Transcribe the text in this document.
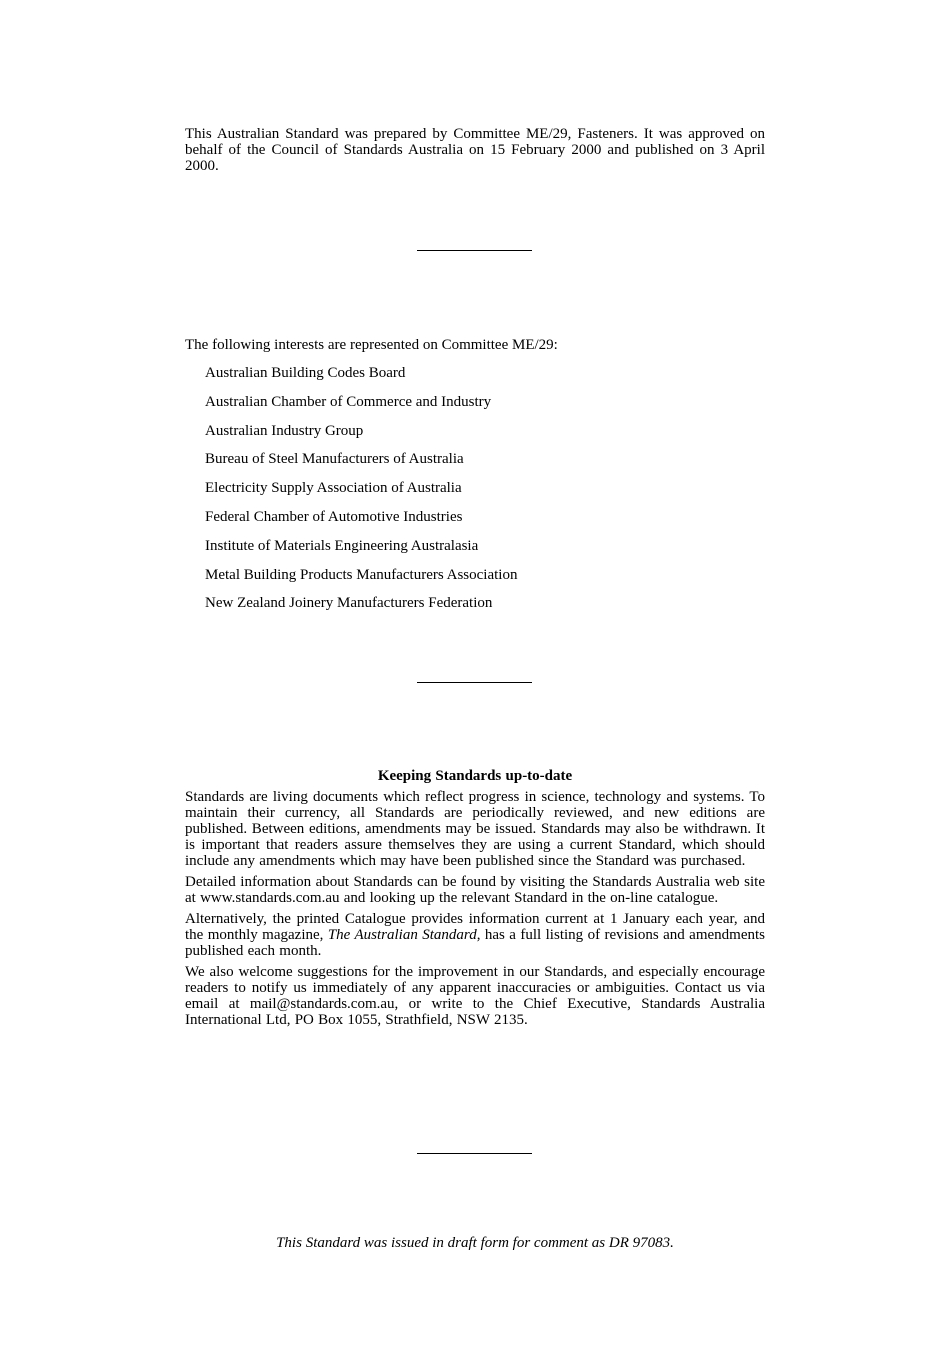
This Australian Standard was prepared by Committee ME/29, Fasteners. It was approved on behalf of the Council of Standards Australia on 15 February 2000 and published on 3 April 2000.

The following interests are represented on Committee ME/29:

Australian Building Codes Board
Australian Chamber of Commerce and Industry
Australian Industry Group
Bureau of Steel Manufacturers of Australia
Electricity Supply Association of Australia
Federal Chamber of Automotive Industries
Institute of Materials Engineering Australasia
Metal Building Products Manufacturers Association
New Zealand Joinery Manufacturers Federation
Keeping Standards up-to-date

Standards are living documents which reflect progress in science, technology and systems. To maintain their currency, all Standards are periodically reviewed, and new editions are published. Between editions, amendments may be issued. Standards may also be withdrawn. It is important that readers assure themselves they are using a current Standard, which should include any amendments which may have been published since the Standard was purchased.

Detailed information about Standards can be found by visiting the Standards Australia web site at www.standards.com.au and looking up the relevant Standard in the on-line catalogue.

Alternatively, the printed Catalogue provides information current at 1 January each year, and the monthly magazine, The Australian Standard, has a full listing of revisions and amendments published each month.

We also welcome suggestions for the improvement in our Standards, and especially encourage readers to notify us immediately of any apparent inaccuracies or ambiguities. Contact us via email at mail@standards.com.au, or write to the Chief Executive, Standards Australia International Ltd, PO Box 1055, Strathfield, NSW 2135.

This Standard was issued in draft form for comment as DR 97083.
